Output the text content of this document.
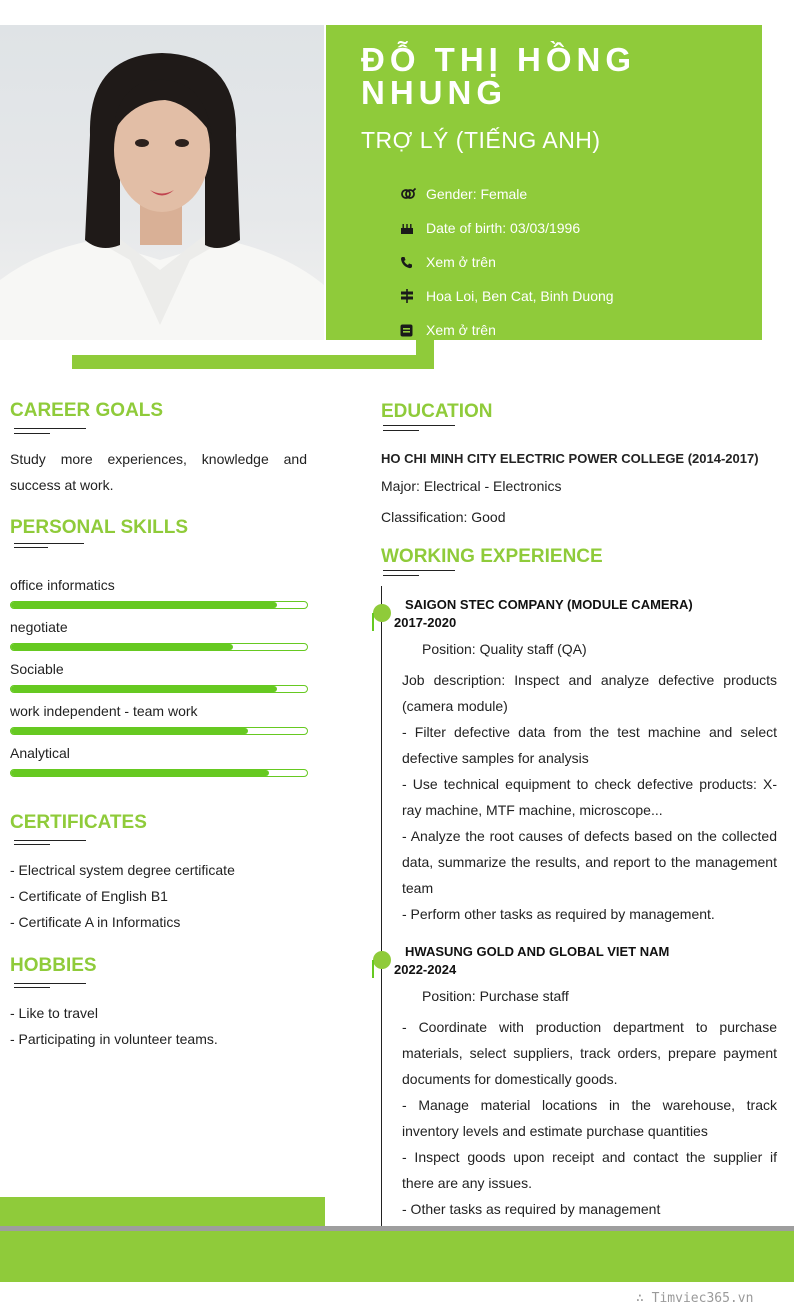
ĐỖ THỊ HỒNG NHUNG
TRỢ LÝ (TIẾNG ANH)
Gender: Female
Date of birth: 03/03/1996
Xem ở trên
Hoa Loi, Ben Cat, Binh Duong
Xem ở trên
CAREER GOALS
Study more experiences, knowledge and success at work.
PERSONAL SKILLS
office informatics
negotiate
Sociable
work independent - team work
Analytical
CERTIFICATES
- Electrical system degree certificate
- Certificate of English B1
- Certificate A in Informatics
HOBBIES
- Like to travel
- Participating in volunteer teams.
EDUCATION
HO CHI MINH CITY ELECTRIC POWER COLLEGE (2014-2017)
Major: Electrical - Electronics
Classification: Good
WORKING EXPERIENCE
SAIGON STEC COMPANY (MODULE CAMERA)
2017-2020
Position: Quality staff (QA)

Job description: Inspect and analyze defective products (camera module)

- Filter defective data from the test machine and select defective samples for analysis

- Use technical equipment to check defective products: X-ray machine, MTF machine, microscope...

- Analyze the root causes of defects based on the collected data, summarize the results, and report to the management team

- Perform other tasks as required by management.

HWASUNG GOLD AND GLOBAL VIET NAM
2022-2024
Position: Purchase staff

- Coordinate with production department to purchase materials, select suppliers, track orders, prepare payment documents for domestically goods.

- Manage material locations in the warehouse, track inventory levels and estimate purchase quantities

- Inspect goods upon receipt and contact the supplier if there are any issues.

- Other tasks as required by management

∴ Timviec365.vn
